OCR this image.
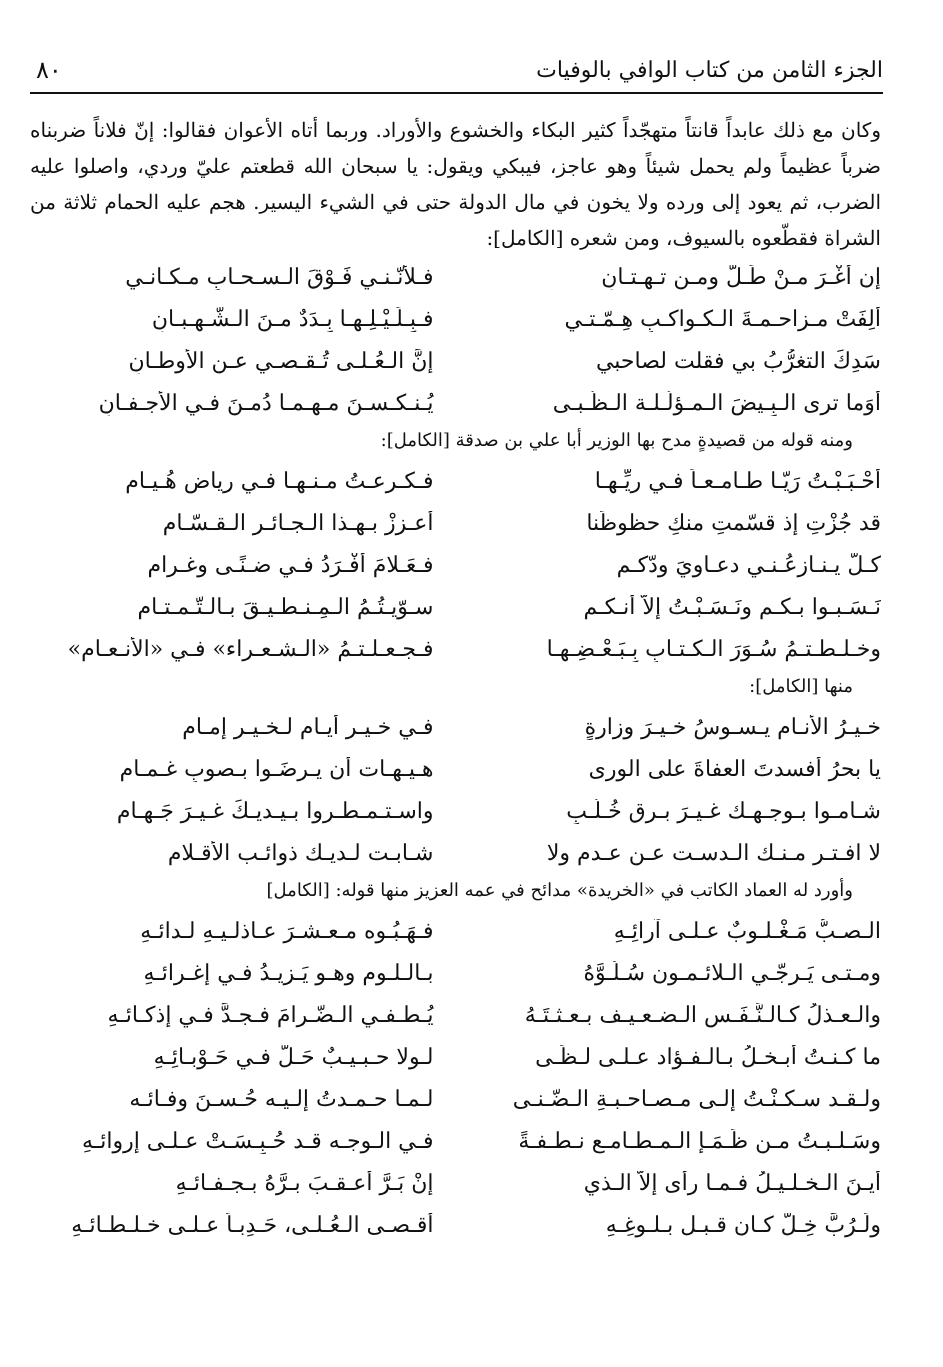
الجزء الثامن من كتاب الوافي بالوفيات
٨٠

وكان مع ذلك عابداً قانتاً متهجّداً كثير البكاء والخشوع والأوراد. وربما أتاه الأعوان فقالوا: إنّ فلاناً ضربناه ضرباً عظيماً ولم يحمل شيئاً وهو عاجز، فيبكي ويقول: يا سبحان الله قطعتم عليّ وردي، واصلوا عليه الضرب، ثم يعود إلى ورده ولا يخون في مال الدولة حتى في الشيء اليسير. هجم عليه الحمام ثلاثة من الشراة فقطّعوه بالسيوف، ومن شعره [الكامل]:

إن أغْـرَ مـنْ طَـلّ ومـن تـهـتـانِ
فـلأنّـنـي فَـوْقَ الـسـحـابِ مـكـانـي
أَلِفَتْ مـزاحـمـةَ الـكـواكـبِ هِـمّـتـي
فـبِـلَـيْـلِـهـا بِـدَدٌ مـنَ الـشّـهـبـانِ
سَدِكَ التغرُّبُ بي فقلت لصاحبي
إنَّ الـعُـلـى تُـقـصـي عـنِ الأوطـانِ
أوَما ترى الـبِـيضَ الـمـؤلّـلـة الـظُّـبـى
يُـنـكـسـنَ مـهـمـا دُمـنَ فـي الأجـفـانِ

ومنه قوله من قصيدةٍ مدح بها الوزير أبا علي بن صدقة [الكامل]:

أحْـبَـبْـتُ رَيّـا طـامـعـاً فـي رِيِّـهـا
فـكـرعـتُ مـنـهـا فـي رياضِ هُـيـامِ
قد جُزْتِ إذ قسّمتِ منكِ حظوظَنا
أعـززْ بـهـذا الـجـائـرِ الـقـسّـامِ
كـلٌّ يـنـازِعُـنـي دعـاويَ ودّكـم
فـعَـلامَ أُفْـرَدُ فـي ضـنًـى وغـرامِ
نَـسَـبـوا بـكـم ونَـسَـبْـتُ إلاّ أنـكـم
سـوّيـتُـمُ الـمِـنـطـيـقَ بـالـتّـمـتـامِ
وخـلـطـتـمُ سُـوَرَ الـكـتـابِ بِـبَـعْـضِـهـا
فـجـعـلـتـمُ «الـشـعـراء» فـي «الأنـعـامِ»

منها [الكامل]:

خـيـرُ الأنـامِ يـسـوسُ خـيـرَ وزارةٍ
فـي خـيـرِ أيـامٍ لـخـيـرِ إمـامِ
يا بحرُ أفسدتَ العفاةَ على الورى
هـيـهـات أن يـرضَـوا بـصوبِ غـمـامِ
شـامـوا بـوجـهـك غـيـرَ بـرقٍ خُـلَّـبٍ
واسـتـمـطـروا بـيـديـكَ غـيـرَ جَـهـامِ
لا افـتـر مـنـك الـدسـت عـن عـدم ولا
شـابـت لـديـك ذوائـب الأقـلام

وأورد له العماد الكاتب في «الخريدة» مدائح في عمه العزيز منها قوله: [الكامل]

الـصـبُّ مَـغْـلـوبٌ عـلـى آرائِـهِ
فـهَـبُـوه مـعـشـرَ عـاذلـيـهِ لـدائـهِ
ومـتـى يَـرجّـي الـلائـمـون سُـلُـوَّهُ
بـالـلـوم وهـو يَـزيـدُ فـي إغـرائـهِ
والـعـذلُ كـالـنَّـفَـس الـضـعـيـف بـعـثـتَـهُ
يُـطـفـي الـضّـرامَ فـجـدَّ فـي إذكـائـهِ
ما كـنـتُ أبـخـلُ بـالـفـؤاد عـلـى لـظًـى
لـولا حـبـيـبٌ حَـلَّ فـي حَـوْبـائِـهِ
ولـقـد سـكـنْـتُ إلـى مـصـاحـبـةِ الـضّـنـى
لـمـا حـمـدتُ إلـيـه حُـسـنَ وفـائـه
وسَـلـبـتُ مـن ظَـمَـإ الـمـطـامـع نـطـفـةً
فـي الـوجـه قـد حُـبِـسَـتْ عـلـى إروائـهِ
أيـنَ الـخـلـيـلُ فـمـا رأى إلاّ الـذي
إنْ بَـرَّ أعـقـبَ بـرَّهُ بـجـفـائـهِ
ولَـرُبَّ خِـلّ كـان قـبـل بـلـوغِـهِ
أقـصـى الـعُـلـى، حَـدِبـاً عـلـى خـلـطـائـهِ
